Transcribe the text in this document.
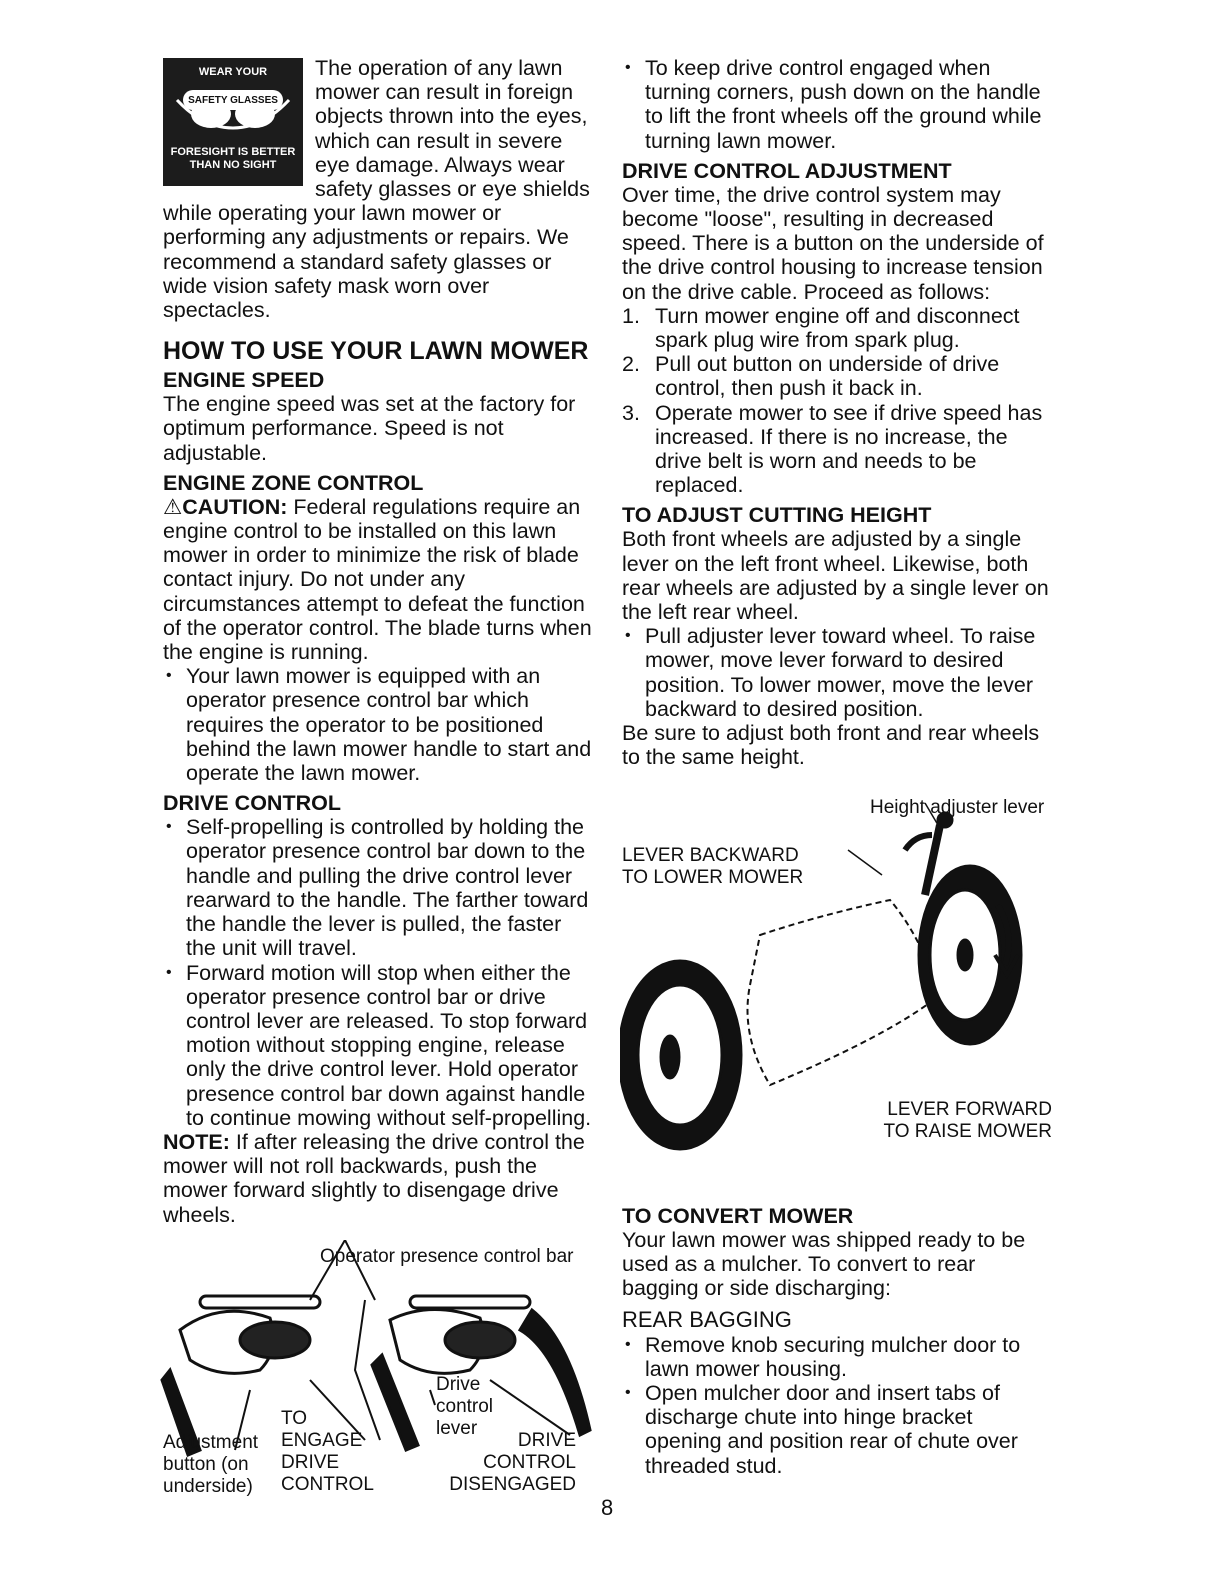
WEAR YOUR
SAFETY GLASSES
FORESIGHT IS BETTER
THAN NO SIGHT

The operation of any lawn mower can result in foreign objects thrown into the eyes, which can result in severe eye damage. Always wear safety glasses or eye shields while operating your lawn mower or performing any adjustments or repairs. We recommend a standard safety glasses or wide vision safety mask worn over spectacles.

HOW TO USE YOUR LAWN MOWER
ENGINE SPEED

The engine speed was set at the factory for optimum performance. Speed is not adjustable.

ENGINE ZONE CONTROL

⚠CAUTION: Federal regulations require an engine control to be installed on this lawn mower in order to minimize the risk of blade contact injury. Do not under any circumstances attempt to defeat the function of the operator control. The blade turns when the engine is running.

• Your lawn mower is equipped with an operator presence control bar which requires the operator to be positioned behind the lawn mower handle to start and operate the lawn mower.
DRIVE CONTROL
• Self-propelling is controlled by holding the operator presence control bar down to the handle and pulling the drive control lever rearward to the handle. The farther toward the handle the lever is pulled, the faster the unit will travel.
• Forward motion will stop when either the operator presence control bar or drive control lever are released. To stop forward motion without stopping engine, release only the drive control lever. Hold operator presence control bar down against handle to continue mowing without self-propelling.

NOTE: If after releasing the drive control the mower will not roll backwards, push the mower forward slightly to disengage drive wheels.

Operator presence control bar
Drive control lever
Adjustment button (on underside)
TO ENGAGE DRIVE CONTROL
DRIVE CONTROL DISENGAGED
• To keep drive control engaged when turning corners, push down on the handle to lift the front wheels off the ground while turning lawn mower.
DRIVE CONTROL ADJUSTMENT

Over time, the drive control system may become "loose", resulting in decreased speed. There is a button on the underside of the drive control housing to increase tension on the drive cable. Proceed as follows:

1. Turn mower engine off and disconnect spark plug wire from spark plug.
2. Pull out button on underside of drive control, then push it back in.
3. Operate mower to see if drive speed has increased. If there is no increase, the drive belt is worn and needs to be replaced.
TO ADJUST CUTTING HEIGHT

Both front wheels are adjusted by a single lever on the left front wheel. Likewise, both rear wheels are adjusted by a single lever on the left rear wheel.

• Pull adjuster lever toward wheel. To raise mower, move lever forward to desired position. To lower mower, move the lever backward to desired position.

Be sure to adjust both front and rear wheels to the same height.

Height adjuster lever
LEVER BACKWARD TO LOWER MOWER
LEVER FORWARD TO RAISE MOWER
TO CONVERT MOWER

Your lawn mower was shipped ready to be used as a mulcher. To convert to rear bagging or side discharging:

REAR BAGGING
• Remove knob securing mulcher door to lawn mower housing.
• Open mulcher door and insert tabs of discharge chute into hinge bracket opening and position rear of chute over threaded stud.
8
